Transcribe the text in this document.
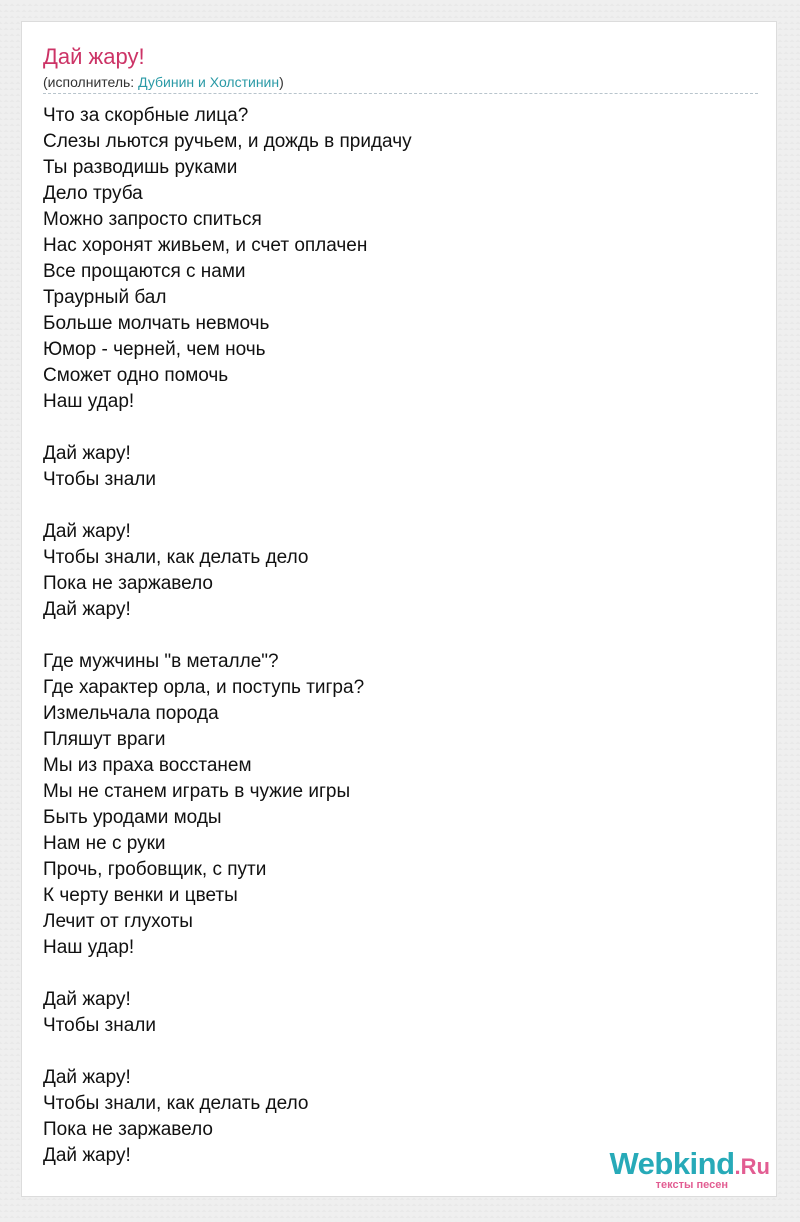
Дай жару!
(исполнитель: Дубинин и Холстинин)
Что за скорбные лица?
Слезы льются ручьем, и дождь в придачу
Ты разводишь руками
Дело труба
Можно запросто спиться
Нас хоронят живьем, и счет оплачен
Все прощаются с нами
Траурный бал
Больше молчать невмочь
Юмор - черней, чем ночь
Сможет одно помочь
Наш удар!
Дай жару!
Чтобы знали
Дай жару!
Чтобы знали, как делать дело
Пока не заржавело
Дай жару!
Где мужчины "в металле"?
Где характер орла, и поступь тигра?
Измельчала порода
Пляшут враги
Мы из праха восстанем
Мы не станем играть в чужие игры
Быть уродами моды
Нам не с руки
Прочь, гробовщик, с пути
К черту венки и цветы
Лечит от глухоты
Наш удар!
Дай жару!
Чтобы знали
Дай жару!
Чтобы знали, как делать дело
Пока не заржавело
Дай жару!	Webkind.Ru
тексты песен
